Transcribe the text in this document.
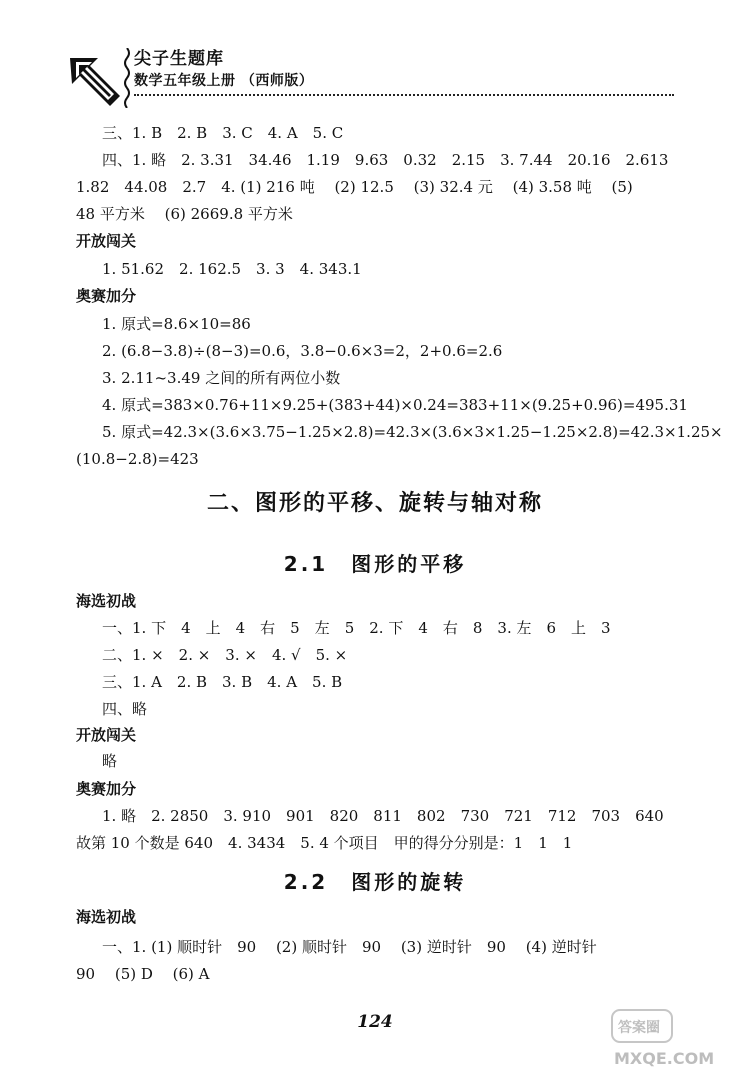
尖子生题库
数学五年级上册 （西师版）
三、1. B　2. B　3. C　4. A　5. C
四、1. 略　2. 3.31　34.46　1.19　9.63　0.32　2.15　3. 7.44　20.16　2.613
1.82　44.08　2.7　4. (1) 216 吨　 (2) 12.5　 (3) 32.4 元　 (4) 3.58 吨　 (5)
48 平方米　 (6) 2669.8 平方米
开放闯关
1. 51.62　2. 162.5　3. 3　4. 343.1
奥赛加分
1. 原式=8.6×10=86
2. (6.8−3.8)÷(8−3)=0.6，3.8−0.6×3=2，2+0.6=2.6
3. 2.11~3.49 之间的所有两位小数
4. 原式=383×0.76+11×9.25+(383+44)×0.24=383+11×(9.25+0.96)=495.31
5. 原式=42.3×(3.6×3.75−1.25×2.8)=42.3×(3.6×3×1.25−1.25×2.8)=42.3×1.25×
(10.8−2.8)=423
二、图形的平移、旋转与轴对称
2.1　图形的平移
海选初战
一、1. 下　4　上　4　右　5　左　5　2. 下　4　右　8　3. 左　6　上　3
二、1. ×　2. ×　3. ×　4. √　5. ×
三、1. A　2. B　3. B　4. A　5. B
四、略
开放闯关
略
奥赛加分
1. 略　2. 2850　3. 910　901　820　811　802　730　721　712　703　640
故第 10 个数是 640　4. 3434　5. 4 个项目　甲的得分分别是：1　1　1
2.2　图形的旋转
海选初战
一、1. (1) 顺时针　90　 (2) 顺时针　90　 (3) 逆时针　90　 (4) 逆时针
90　 (5) D　 (6) A
124	答案圈
MXQE.COM
